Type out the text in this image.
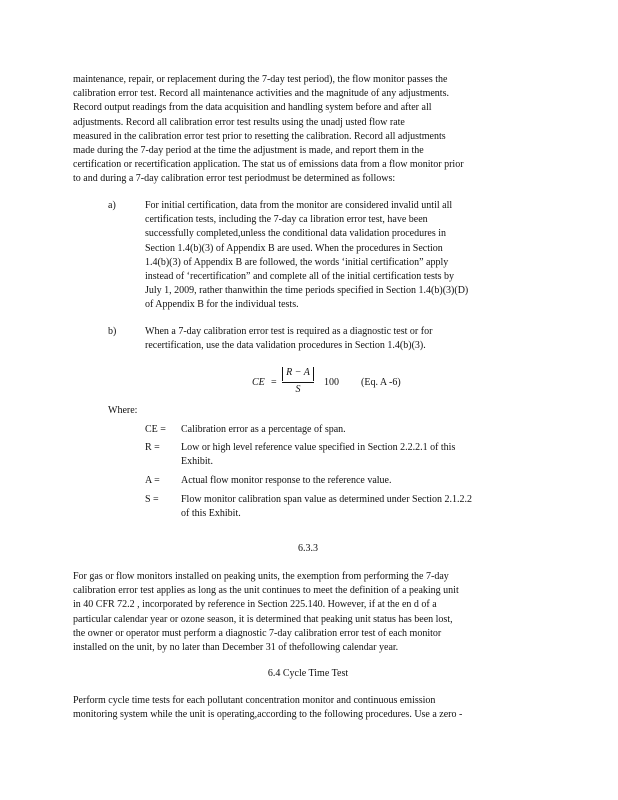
maintenance, repair, or replacement during the 7-day test period), the flow monitor passes the
calibration error test. Record all maintenance activities and the magnitude of any adjustments.
Record output readings from the data acquisition and handling system before and after all
adjustments. Record all calibration error test results using the unadj usted flow rate
measured in the calibration error test prior to resetting the calibration. Record all adjustments
made during the 7-day period at the time the adjustment is made, and report them in the
certification or recertification application. The stat us of emissions data from a flow monitor prior
to and during a 7-day calibration error test periodmust be determined as follows:
a)	For initial certification, data from the monitor are considered invalid until all
certification tests, including the 7-day ca libration error test, have been
successfully completed,unless the conditional data validation procedures in
Section 1.4(b)(3) of Appendix B are used. When the procedures in Section
1.4(b)(3) of Appendix B are followed, the words ‘initial certification” apply
instead of ‘recertification” and complete all of the initial certification tests by
July 1, 2009, rather thanwithin the time periods specified in Section 1.4(b)(3)(D)
of Appendix B for the individual tests.
b)	When a 7-day calibration error test is required as a diagnostic test or for
recertification, use the data validation procedures in Section 1.4(b)(3).
CE =
R − A
S
100 (Eq. A -6)
Where:
CE = Calibration error as a percentage of span.
R = Low or high level reference value specified in Section 2.2.2.1 of this
Exhibit.
A = Actual flow monitor response to the reference value.
S = Flow monitor calibration span value as determined under Section 2.1.2.2
of this Exhibit.
6.3.3
For gas or flow monitors installed on peaking units, the exemption from performing the 7-day
calibration error test applies as long as the unit continues to meet the definition of a peaking unit
in 40 CFR 72.2 , incorporated by reference in Section 225.140. However, if at the en d of a
particular calendar year or ozone season, it is determined that peaking unit status has been lost,
the owner or operator must perform a diagnostic 7-day calibration error test of each monitor
installed on the unit, by no later than December 31 of thefollowing calendar year.
6.4 Cycle Time Test
Perform cycle time tests for each pollutant concentration monitor and continuous emission
monitoring system while the unit is operating,according to the following procedures. Use a zero -
